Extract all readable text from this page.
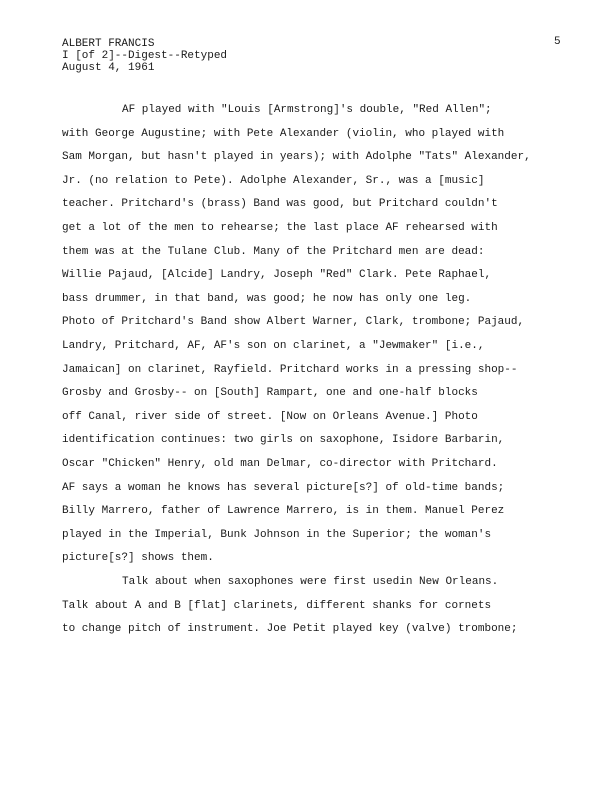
ALBERT FRANCIS
I [of 2]--Digest--Retyped
August 4, 1961
5
AF played with "Louis [Armstrong]'s double, "Red Allen";
with George Augustine; with Pete Alexander (violin, who played with
Sam Morgan, but hasn't played in years); with Adolphe "Tats" Alexander,
Jr. (no relation to Pete). Adolphe Alexander, Sr., was a [music]
teacher. Pritchard's (brass) Band was good, but Pritchard couldn't
get a lot of the men to rehearse; the last place AF rehearsed with
them was at the Tulane Club. Many of the Pritchard men are dead:
Willie Pajaud, [Alcide] Landry, Joseph "Red" Clark. Pete Raphael,
bass drummer, in that band, was good; he now has only one leg.
Photo of Pritchard's Band show Albert Warner, Clark, trombone; Pajaud,
Landry, Pritchard, AF, AF's son on clarinet, a "Jewmaker" [i.e.,
Jamaican] on clarinet, Rayfield. Pritchard works in a pressing shop--
Grosby and Grosby-- on [South] Rampart, one and one-half blocks
off Canal, river side of street. [Now on Orleans Avenue.] Photo
identification continues: two girls on saxophone, Isidore Barbarin,
Oscar "Chicken" Henry, old man Delmar, co-director with Pritchard.
AF says a woman he knows has several picture[s?] of old-time bands;
Billy Marrero, father of Lawrence Marrero, is in them. Manuel Perez
played in the Imperial, Bunk Johnson in the Superior; the woman's
picture[s?] shows them.
Talk about when saxophones were first usedin New Orleans.
Talk about A and B [flat] clarinets, different shanks for cornets
to change pitch of instrument. Joe Petit played key (valve) trombone;
